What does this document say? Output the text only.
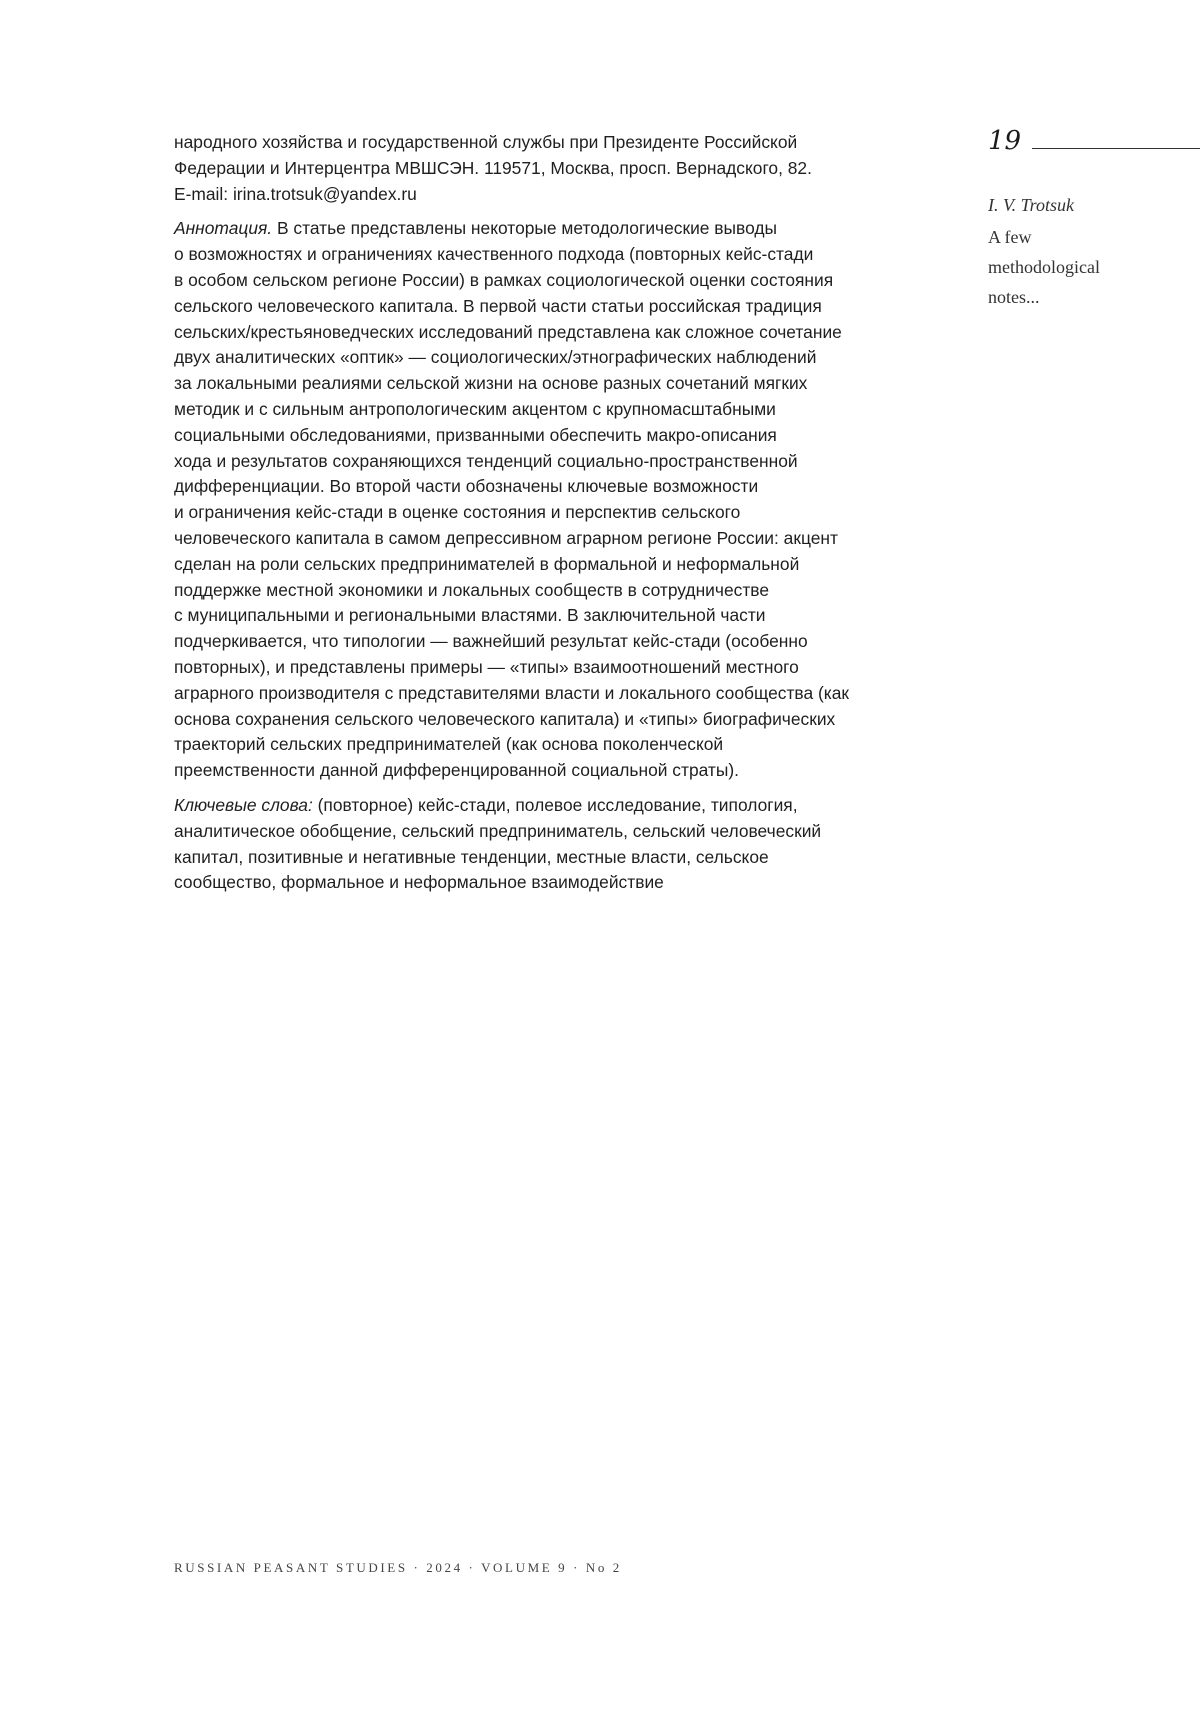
народного хозяйства и государственной службы при Президенте Российской
Федерации и Интерцентра МВШСЭН. 119571, Москва, просп. Вернадского, 82.
E-mail: irina.trotsuk@yandex.ru

Аннотация. В статье представлены некоторые методологические выводы
о возможностях и ограничениях качественного подхода (повторных кейс-стади
в особом сельском регионе России) в рамках социологической оценки состояния
сельского человеческого капитала. В первой части статьи российская традиция
сельских/крестьяноведческих исследований представлена как сложное сочетание
двух аналитических «оптик» — социологических/этнографических наблюдений
за локальными реалиями сельской жизни на основе разных сочетаний мягких
методик и с сильным антропологическим акцентом с крупномасштабными
социальными обследованиями, призванными обеспечить макро-описания
хода и результатов сохраняющихся тенденций социально-пространственной
дифференциации. Во второй части обозначены ключевые возможности
и ограничения кейс-стади в оценке состояния и перспектив сельского
человеческого капитала в самом депрессивном аграрном регионе России: акцент
сделан на роли сельских предпринимателей в формальной и неформальной
поддержке местной экономики и локальных сообществ в сотрудничестве
с муниципальными и региональными властями. В заключительной части
подчеркивается, что типологии — важнейший результат кейс-стади (особенно
повторных), и представлены примеры — «типы» взаимоотношений местного
аграрного производителя с представителями власти и локального сообщества (как
основа сохранения сельского человеческого капитала) и «типы» биографических
траекторий сельских предпринимателей (как основа поколенческой
преемственности данной дифференцированной социальной страты).

Ключевые слова: (повторное) кейс-стади, полевое исследование, типология,
аналитическое обобщение, сельский предприниматель, сельский человеческий
капитал, позитивные и негативные тенденции, местные власти, сельское
сообщество, формальное и неформальное взаимодействие

19
I. V. Trotsuk
A few
methodological
notes...
RUSSIAN PEASANT STUDIES · 2024 · VOLUME 9 · No 2
